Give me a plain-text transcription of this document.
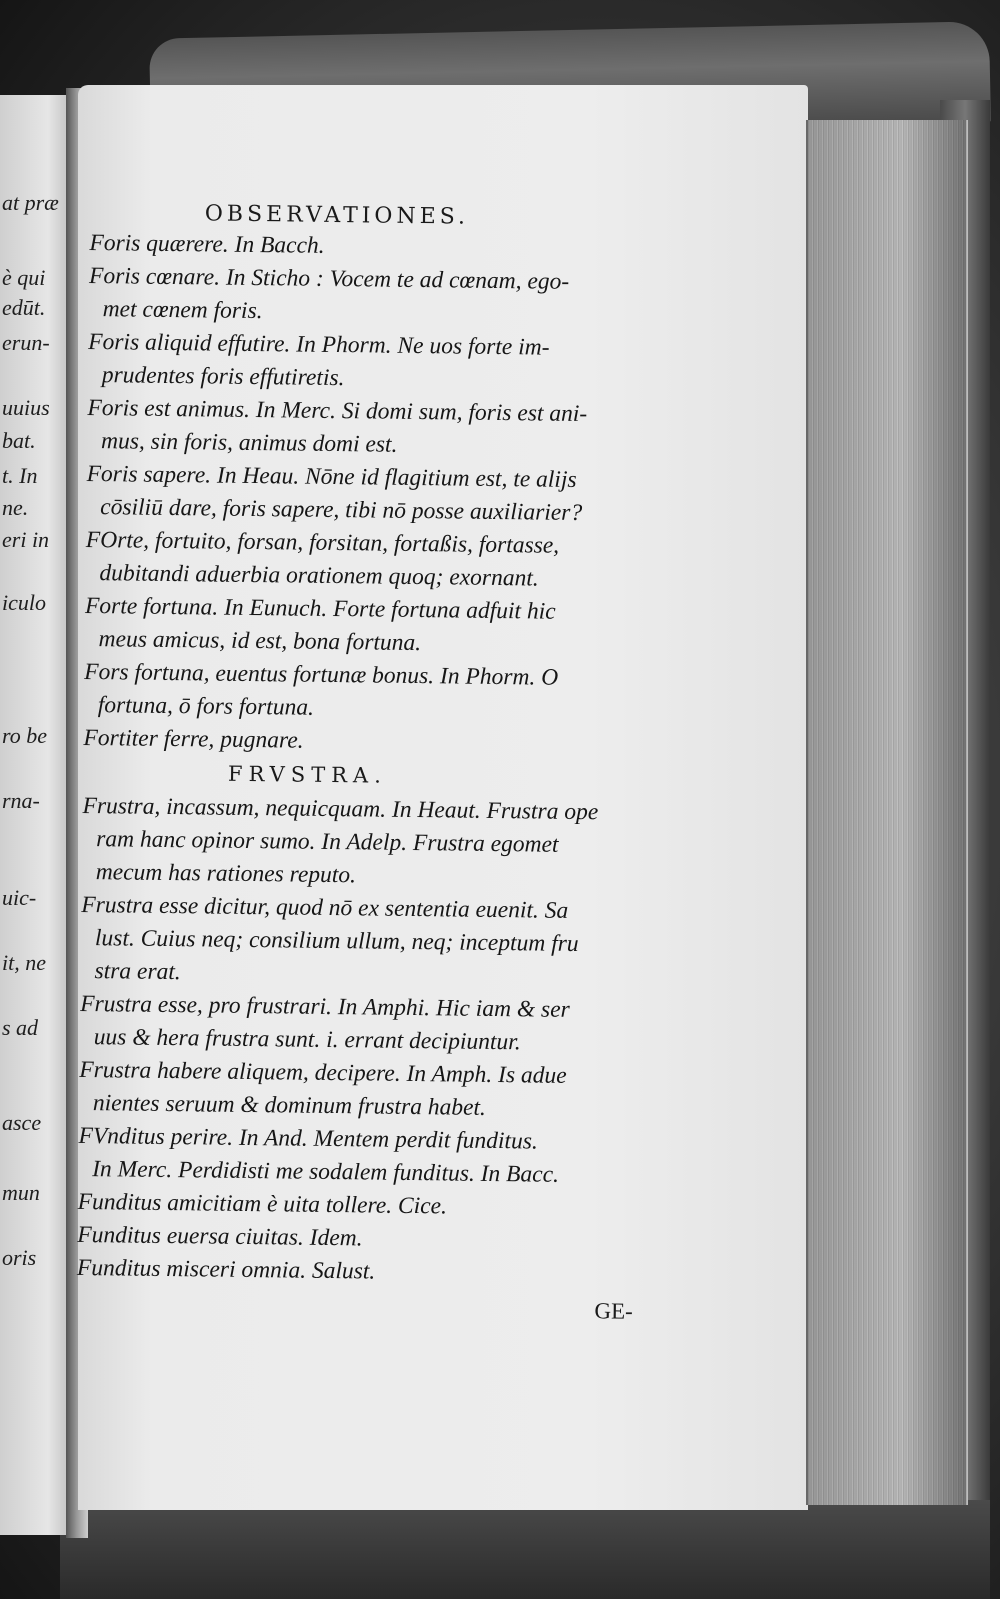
at præ
è qui
edūt.
erun-
uuius
bat.
t. In
ne.
eri in
iculo
ro be
rna-
uic-
it, ne
s ad
asce
mun
oris
OBSERVATIONES.
Foris quærere. In Bacch.
Foris cœnare. In Sticho : Vocem te ad cœnam, ego-
met cœnem foris.
Foris aliquid effutire. In Phorm. Ne uos forte im-
prudentes foris effutiretis.
Foris est animus. In Merc. Si domi sum, foris est ani-
mus, sin foris, animus domi est.
Foris sapere. In Heau. Nōne id flagitium est, te alijs
cōsiliū dare, foris sapere, tibi nō posse auxiliarier?
FOrte, fortuito, forsan, forsitan, fortaßis, fortasse,
dubitandi aduerbia orationem quoq; exornant.
Forte fortuna. In Eunuch. Forte fortuna adfuit hic
meus amicus, id est, bona fortuna.
Fors fortuna, euentus fortunæ bonus. In Phorm. O
fortuna, ō fors fortuna.
Fortiter ferre, pugnare.
FRVSTRA.
Frustra, incassum, nequicquam. In Heaut. Frustra ope
ram hanc opinor sumo. In Adelp. Frustra egomet
mecum has rationes reputo.
Frustra esse dicitur, quod nō ex sententia euenit. Sa
lust. Cuius neq; consilium ullum, neq; inceptum fru
stra erat.
Frustra esse, pro frustrari. In Amphi. Hic iam & ser
uus & hera frustra sunt. i. errant decipiuntur.
Frustra habere aliquem, decipere. In Amph. Is adue
nientes seruum & dominum frustra habet.
FVnditus perire. In And. Mentem perdit funditus.
In Merc. Perdidisti me sodalem funditus. In Bacc.
Funditus amicitiam è uita tollere. Cice.
Funditus euersa ciuitas. Idem.
Funditus misceri omnia. Salust.
GE-
